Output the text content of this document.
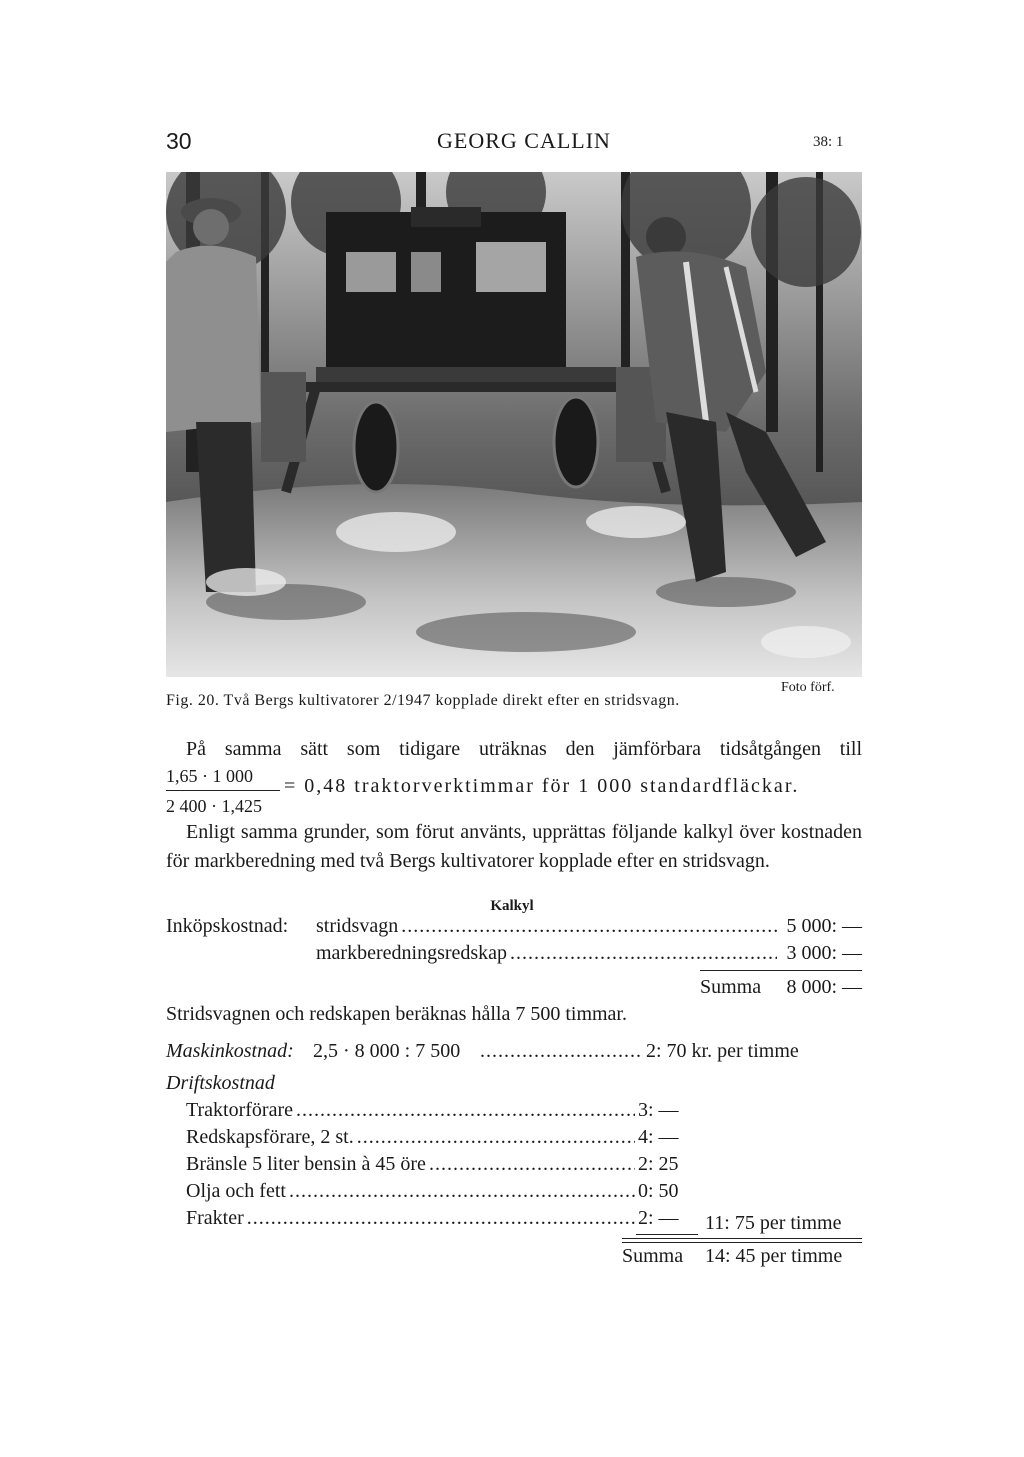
30	GEORG CALLIN	38: 1
Fig. 20. Två Bergs kultivatorer 2/1947 kopplade direkt efter en stridsvagn.
Foto förf.
På samma sätt som tidigare uträknas den jämförbara tidsåtgången till
1,65 · 1 000
2 400 · 1,425
= 0,48 traktorverktimmar för 1 000 standardfläckar.
Enligt samma grunder, som förut använts, upprättas följande kalkyl över kostnaden för markberedning med två Bergs kultivatorer kopplade efter en stridsvagn.
Kalkyl
Inköpskostnad: stridsvagn .....	5 000: —
markberedningsredskap .....	3 000: —
Summa	8 000: —
Stridsvagnen och redskapen beräknas hålla 7 500 timmar.
Maskinkostnad: 2,5 · 8 000 : 7 500 .....	2: 70 kr. per timme
Driftskostnad
Traktorförare .....	3: —
Redskapsförare, 2 st. .....	4: —
Bränsle 5 liter bensin à 45 öre .....	2: 25
Olja och fett .....	0: 50
Frakter .....	2: —	11: 75 per timme
Summa 14: 45 per timme
